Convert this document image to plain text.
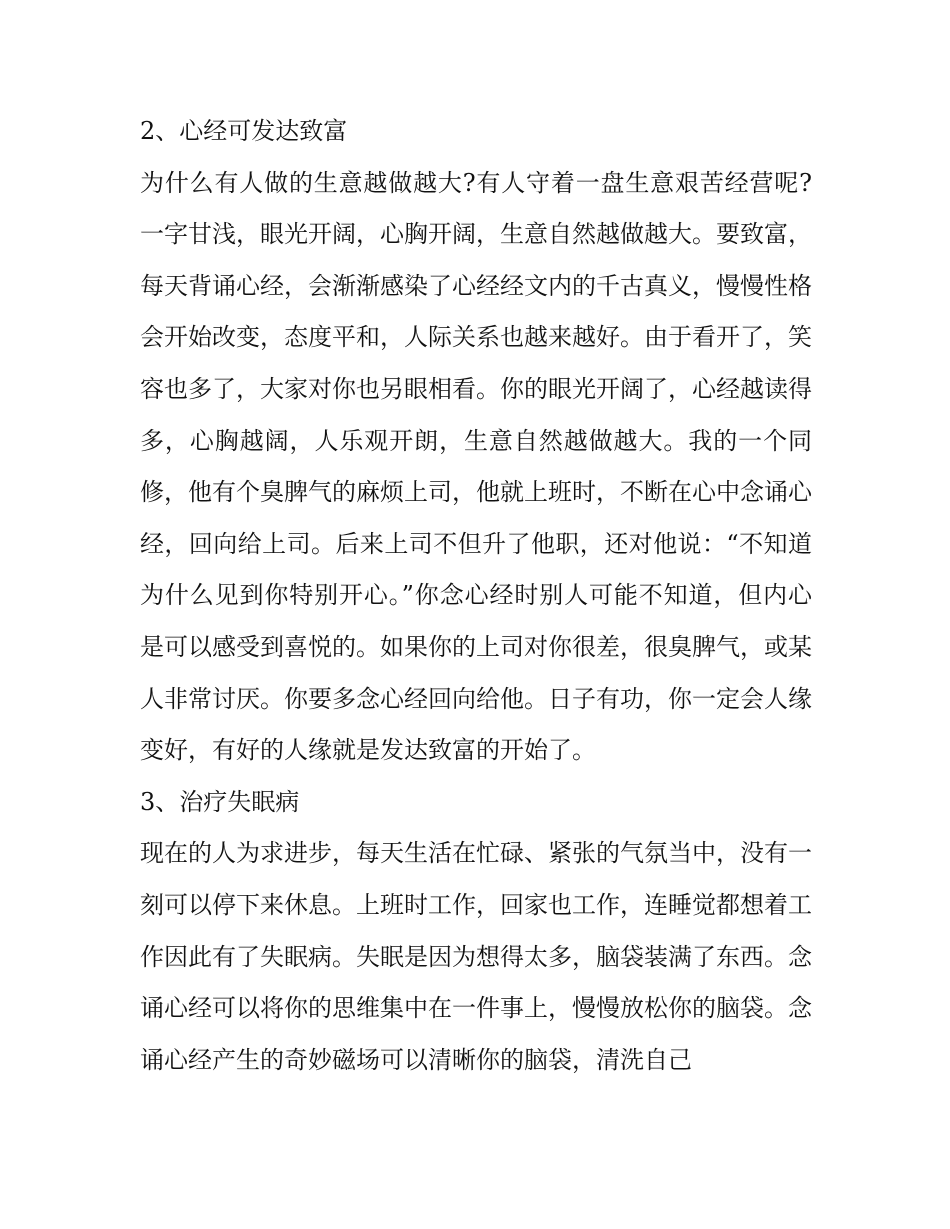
2、心经可发达致富

为什么有人做的生意越做越大?有人守着一盘生意艰苦经营呢?一字甘浅，眼光开阔，心胸开阔，生意自然越做越大。要致富，每天背诵心经，会渐渐感染了心经经文内的千古真义，慢慢性格会开始改变，态度平和，人际关系也越来越好。由于看开了，笑容也多了，大家对你也另眼相看。你的眼光开阔了，心经越读得多，心胸越阔，人乐观开朗，生意自然越做越大。我的一个同修，他有个臭脾气的麻烦上司，他就上班时，不断在心中念诵心经，回向给上司。后来上司不但升了他职，还对他说：“不知道为什么见到你特别开心。”你念心经时别人可能不知道，但内心是可以感受到喜悦的。如果你的上司对你很差，很臭脾气，或某人非常讨厌。你要多念心经回向给他。日子有功，你一定会人缘变好，有好的人缘就是发达致富的开始了。

3、治疗失眠病

现在的人为求进步，每天生活在忙碌、紧张的气氛当中，没有一刻可以停下来休息。上班时工作，回家也工作，连睡觉都想着工作因此有了失眠病。失眠是因为想得太多，脑袋装满了东西。念诵心经可以将你的思维集中在一件事上，慢慢放松你的脑袋。念诵心经产生的奇妙磁场可以清晰你的脑袋，清洗自己
